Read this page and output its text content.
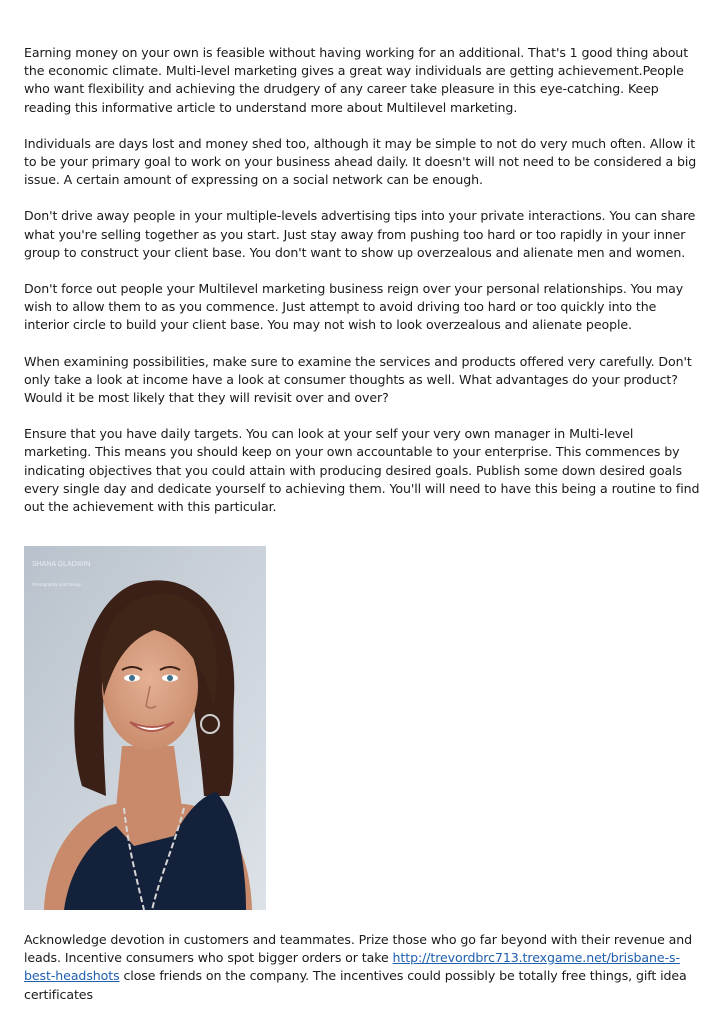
Earning money on your own is feasible without having working for an additional. That's 1 good thing about the economic climate. Multi-level marketing gives a great way individuals are getting achievement.People who want flexibility and achieving the drudgery of any career take pleasure in this eye-catching. Keep reading this informative article to understand more about Multilevel marketing.

Individuals are days lost and money shed too, although it may be simple to not do very much often. Allow it to be your primary goal to work on your business ahead daily. It doesn't will not need to be considered a big issue. A certain amount of expressing on a social network can be enough.

Don't drive away people in your multiple-levels advertising tips into your private interactions. You can share what you're selling together as you start. Just stay away from pushing too hard or too rapidly in your inner group to construct your client base. You don't want to show up overzealous and alienate men and women.

Don't force out people your Multilevel marketing business reign over your personal relationships. You may wish to allow them to as you commence. Just attempt to avoid driving too hard or too quickly into the interior circle to build your client base. You may not wish to look overzealous and alienate people.

When examining possibilities, make sure to examine the services and products offered very carefully. Don't only take a look at income have a look at consumer thoughts as well. What advantages do your product? Would it be most likely that they will revisit over and over?

Ensure that you have daily targets. You can look at your self your very own manager in Multi-level marketing. This means you should keep on your own accountable to your enterprise. This commences by indicating objectives that you could attain with producing desired goals. Publish some down desired goals every single day and dedicate yourself to achieving them. You'll will need to have this being a routine to find out the achievement with this particular.

SHANA GLADWIN
Photography and Design

Acknowledge devotion in customers and teammates. Prize those who go far beyond with their revenue and leads. Incentive consumers who spot bigger orders or take http://trevordbrc713.trexgame.net/brisbane-s-best-headshots close friends on the company. The incentives could possibly be totally free things, gift idea certificates
